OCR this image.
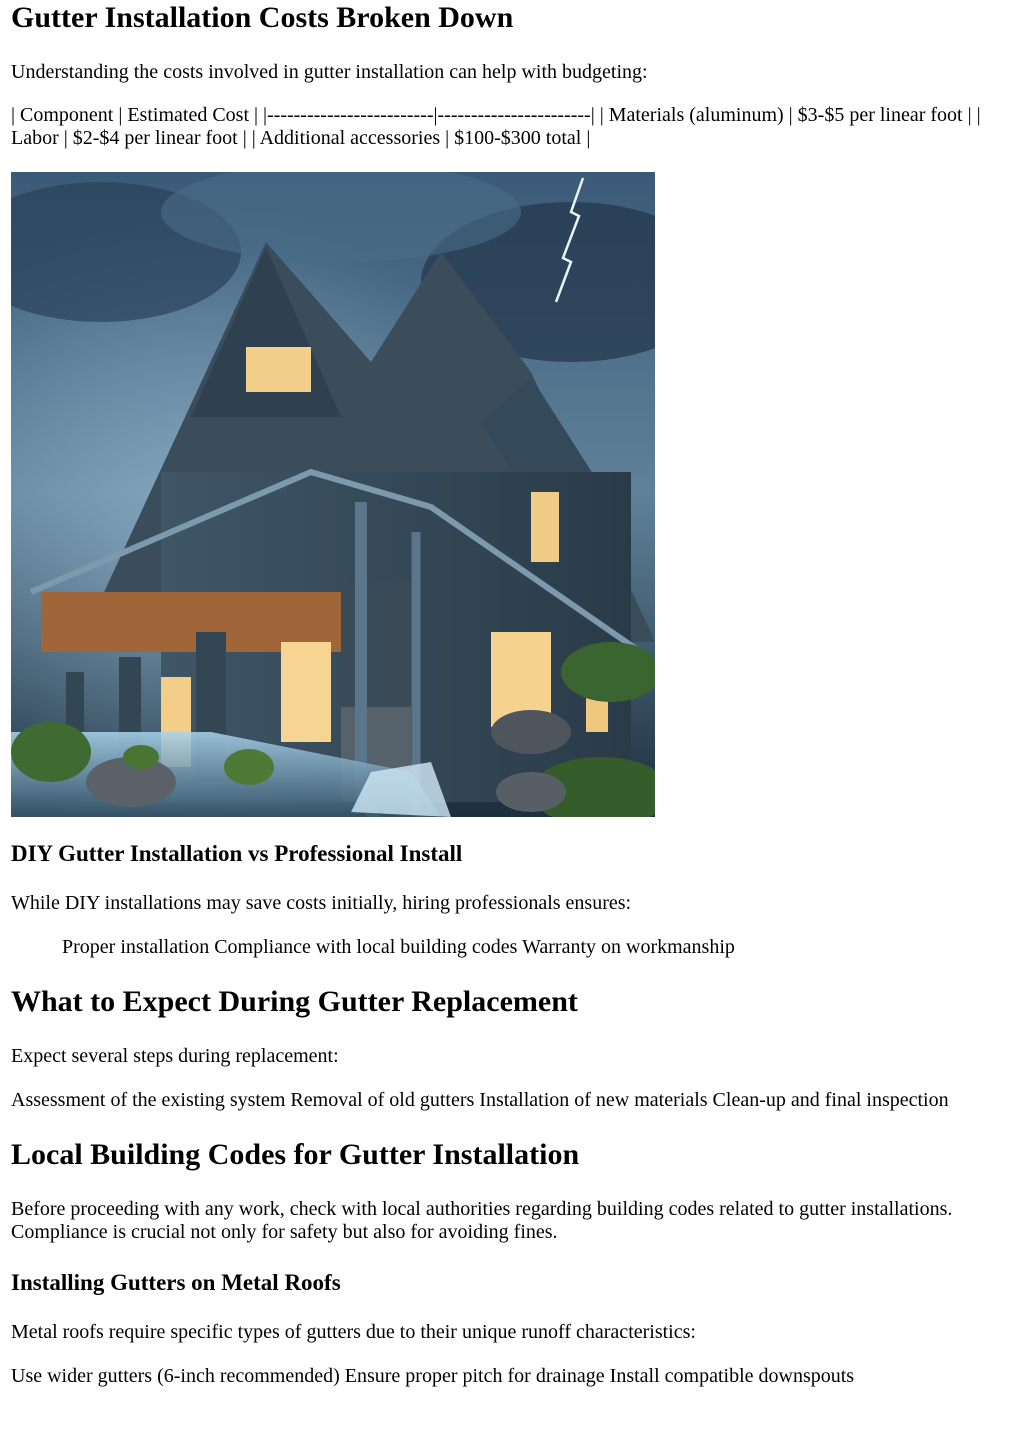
Gutter Installation Costs Broken Down

Understanding the costs involved in gutter installation can help with budgeting:

| Component | Estimated Cost | |-------------------------|-----------------------| | Materials (aluminum) | $3-$5 per linear foot | | Labor | $2-$4 per linear foot | | Additional accessories | $100-$300 total |

DIY Gutter Installation vs Professional Install

While DIY installations may save costs initially, hiring professionals ensures:

Proper installation Compliance with local building codes Warranty on workmanship

What to Expect During Gutter Replacement

Expect several steps during replacement:

Assessment of the existing system Removal of old gutters Installation of new materials Clean-up and final inspection

Local Building Codes for Gutter Installation

Before proceeding with any work, check with local authorities regarding building codes related to gutter installations. Compliance is crucial not only for safety but also for avoiding fines.

Installing Gutters on Metal Roofs

Metal roofs require specific types of gutters due to their unique runoff characteristics:

Use wider gutters (6-inch recommended) Ensure proper pitch for drainage Install compatible downspouts
